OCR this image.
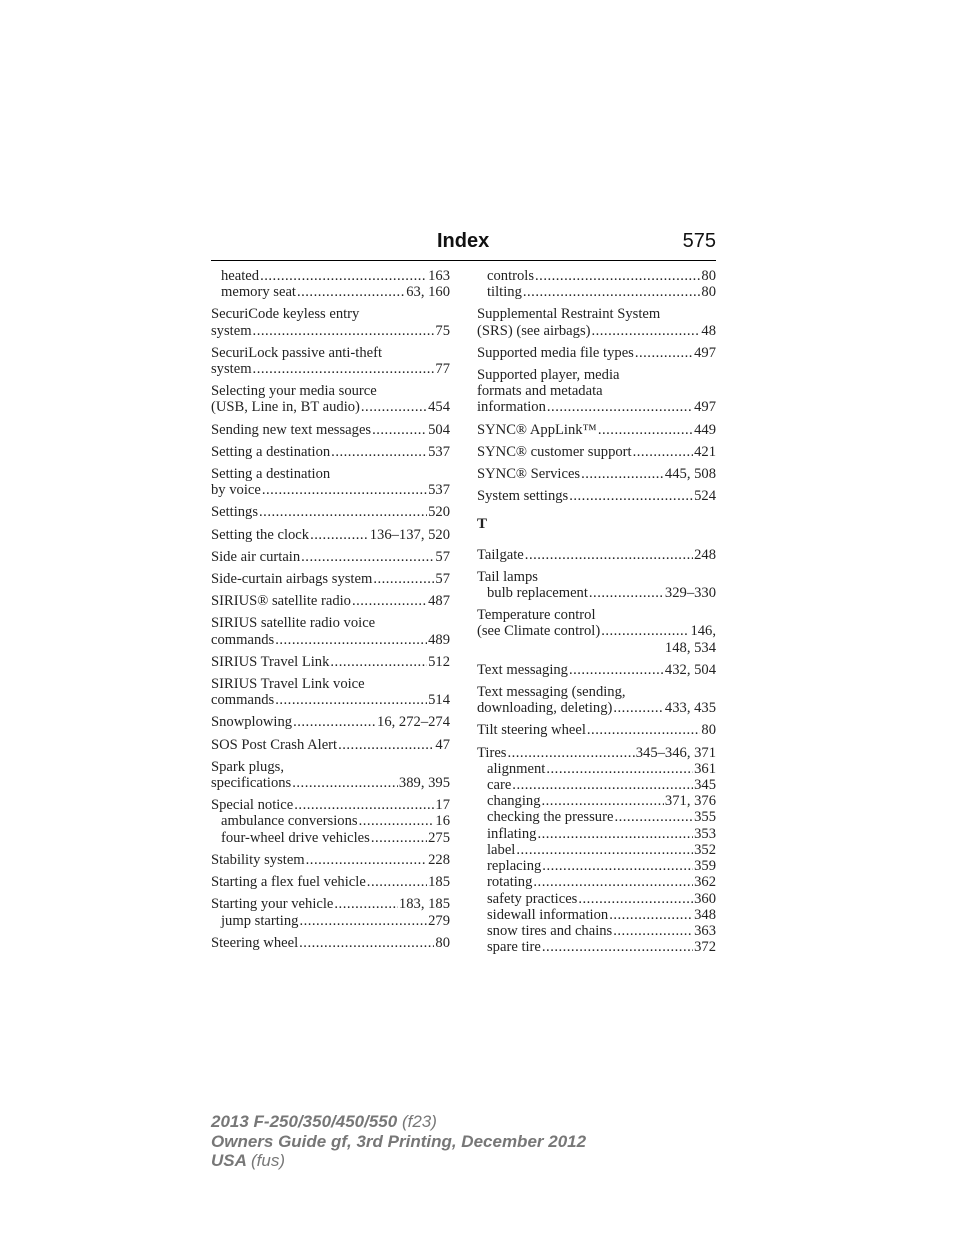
Index	575
heated .....	163
memory seat .....	63, 160
SecuriCode keyless entry
system .....	75
SecuriLock passive anti-theft
system .....	77
Selecting your media source
(USB, Line in, BT audio) .....	454
Sending new text messages .....	504
Setting a destination .....	537
Setting a destination
by voice .....	537
Settings .....	520
Setting the clock .....	136–137, 520
Side air curtain .....	57
Side-curtain airbags system .....	57
SIRIUS® satellite radio .....	487
SIRIUS satellite radio voice
commands .....	489
SIRIUS Travel Link .....	512
SIRIUS Travel Link voice
commands .....	514
Snowplowing .....	16, 272–274
SOS Post Crash Alert .....	47
Spark plugs,
specifications .....	389, 395
Special notice .....	17
ambulance conversions .....	16
four-wheel drive vehicles .....	275
Stability system .....	228
Starting a flex fuel vehicle .....	185
Starting your vehicle .....	183, 185
jump starting .....	279
Steering wheel .....	80
controls .....	80
tilting .....	80
Supplemental Restraint System
(SRS) (see airbags) .....	48
Supported media file types .....	497
Supported player, media
formats and metadata
information .....	497
SYNC® AppLink™ .....	449
SYNC® customer support .....	421
SYNC® Services .....	445, 508
System settings .....	524
T
Tailgate .....	248
Tail lamps
bulb replacement .....	329–330
Temperature control
(see Climate control) .....	146,
148, 534
Text messaging .....	432, 504
Text messaging (sending,
downloading, deleting) .....	433, 435
Tilt steering wheel .....	80
Tires .....	345–346, 371
alignment .....	361
care .....	345
changing .....	371, 376
checking the pressure .....	355
inflating .....	353
label .....	352
replacing .....	359
rotating .....	362
safety practices .....	360
sidewall information .....	348
snow tires and chains .....	363
spare tire .....	372
2013 F-250/350/450/550 (f23)
Owners Guide gf, 3rd Printing, December 2012
USA (fus)
